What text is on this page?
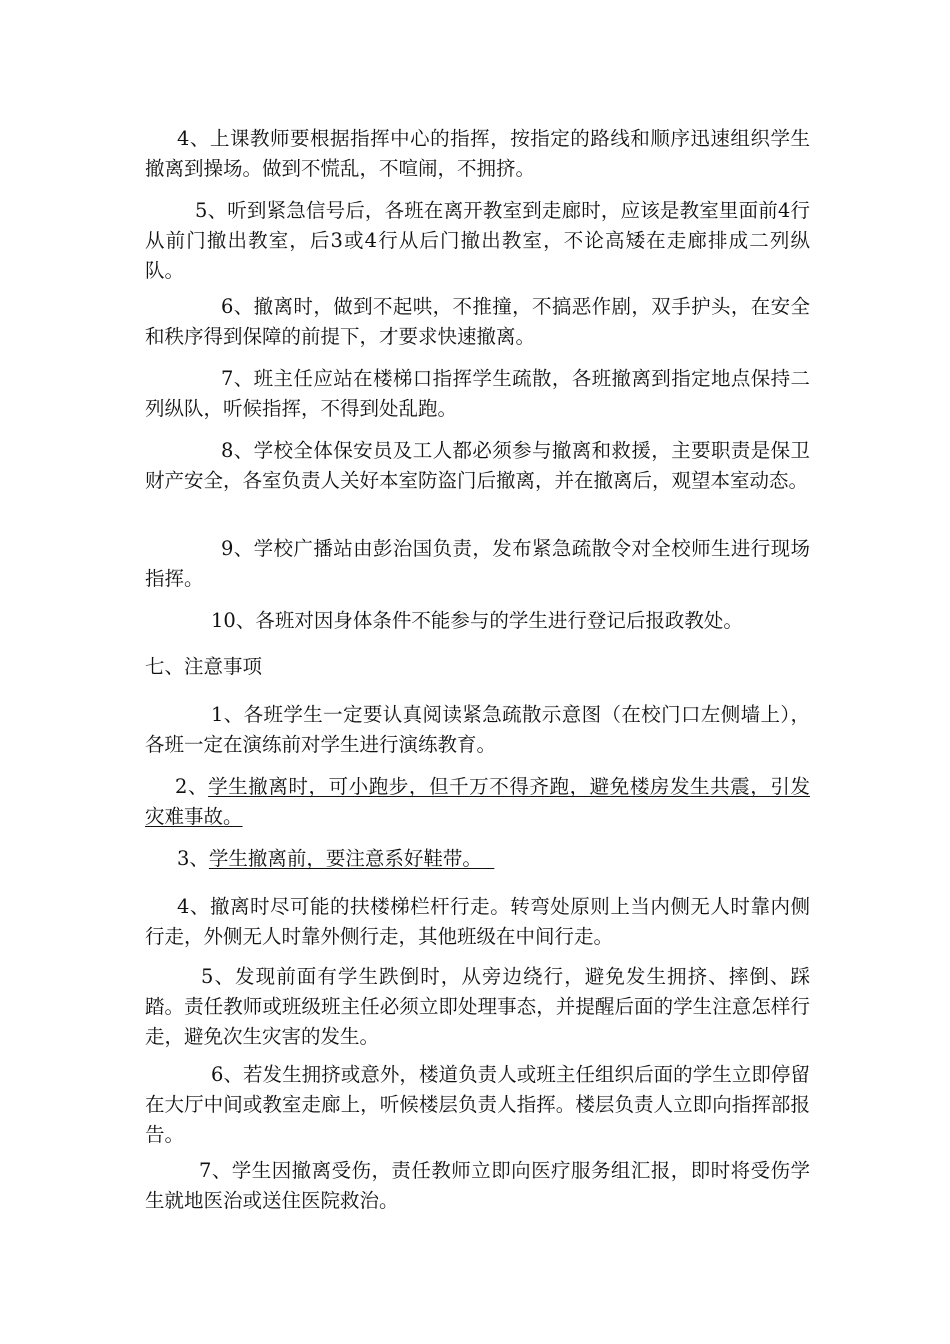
4、上课教师要根据指挥中心的指挥，按指定的路线和顺序迅速组织学生撤离到操场。做到不慌乱，不喧闹，不拥挤。

5、听到紧急信号后，各班在离开教室到走廊时，应该是教室里面前4行从前门撤出教室，后3或4行从后门撤出教室，不论高矮在走廊排成二列纵队。

6、撤离时，做到不起哄，不推撞，不搞恶作剧，双手护头，在安全和秩序得到保障的前提下，才要求快速撤离。

7、班主任应站在楼梯口指挥学生疏散，各班撤离到指定地点保持二列纵队，听候指挥，不得到处乱跑。

8、学校全体保安员及工人都必须参与撤离和救援，主要职责是保卫财产安全，各室负责人关好本室防盗门后撤离，并在撤离后，观望本室动态。

9、学校广播站由彭治国负责，发布紧急疏散令对全校师生进行现场指挥。

10、各班对因身体条件不能参与的学生进行登记后报政教处。

七、注意事项

1、各班学生一定要认真阅读紧急疏散示意图（在校门口左侧墙上），各班一定在演练前对学生进行演练教育。

2、学生撤离时，可小跑步，但千万不得齐跑，避免楼房发生共震，引发灾难事故。

3、学生撤离前，要注意系好鞋带。

4、撤离时尽可能的扶楼梯栏杆行走。转弯处原则上当内侧无人时靠内侧行走，外侧无人时靠外侧行走，其他班级在中间行走。

5、发现前面有学生跌倒时，从旁边绕行，避免发生拥挤、摔倒、踩踏。责任教师或班级班主任必须立即处理事态，并提醒后面的学生注意怎样行走，避免次生灾害的发生。

6、若发生拥挤或意外，楼道负责人或班主任组织后面的学生立即停留在大厅中间或教室走廊上，听候楼层负责人指挥。楼层负责人立即向指挥部报告。

7、学生因撤离受伤，责任教师立即向医疗服务组汇报，即时将受伤学生就地医治或送住医院救治。
